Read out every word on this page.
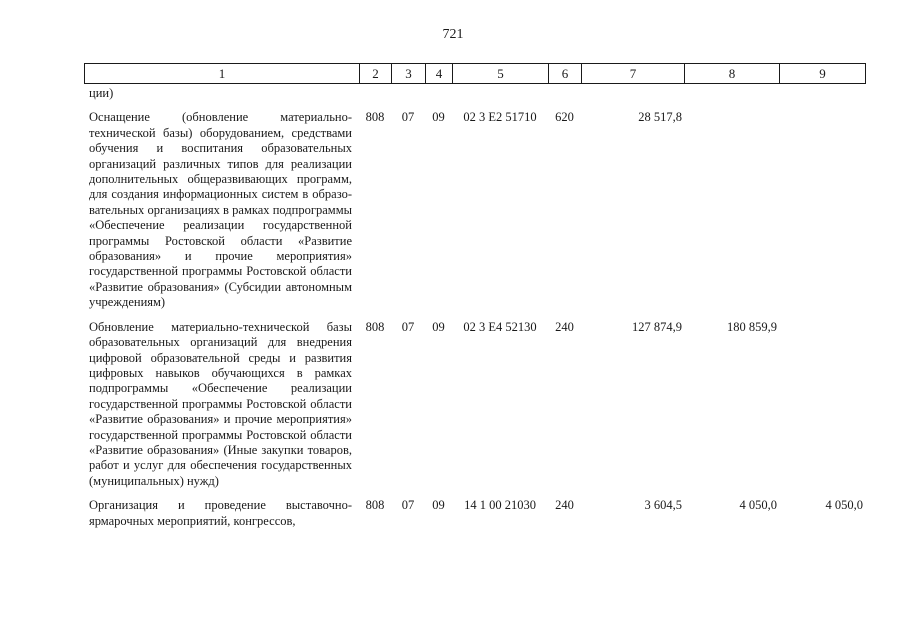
721
1	2	3	4	5	6	7	8	9
ции)								
Оснащение (обновление материально-технической базы) оборудованием, средствами обучения и воспитания образовательных организаций различных типов для реализации дополнительных общеразвивающих программ, для создания информационных систем в образовательных организациях в рамках подпрограммы «Обеспечение реализации государственной программы Ростовской области «Развитие образования» и прочие мероприятия» государственной программы Ростовской области «Развитие образования» (Субсидии автономным учреждениям)	808	07	09	02 3 Е2 51710	620	28 517,8		
Обновление материально-технической базы образовательных организаций для внедрения цифровой образовательной среды и развития цифровых навыков обучающихся в рамках подпрограммы «Обеспечение реализации государственной программы Ростовской области «Развитие образования» и прочие мероприятия» государственной программы Ростовской области «Развитие образования» (Иные закупки товаров, работ и услуг для обеспечения государственных (муниципальных) нужд)	808	07	09	02 3 Е4 52130	240	127 874,9	180 859,9	
Организация и проведение выставочно-ярмарочных мероприятий, конгрессов,	808	07	09	14 1 00 21030	240	3 604,5	4 050,0	4 050,0
